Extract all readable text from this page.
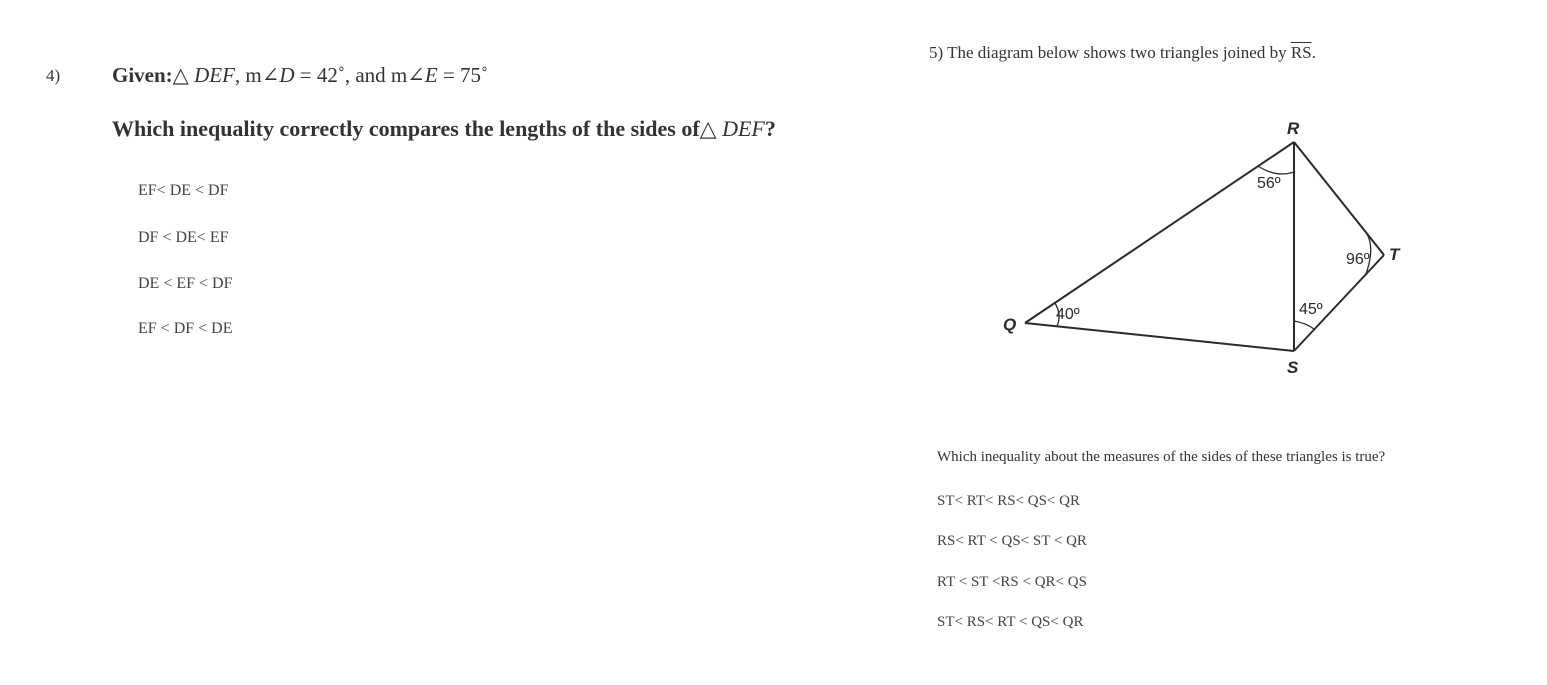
4) Given:△ DEF, m∠D = 42˚, and m∠E = 75˚
Which inequality correctly compares the lengths of the sides of△ DEF?
EF< DE < DF
DF < DE< EF
DE < EF < DF
EF < DF < DE
5) The diagram below shows two triangles joined by $\overline{RS}$.
R
Q
S
T
56º
40º
96º
45º
Which inequality about the measures of the sides of these triangles is true?
ST< RT< RS< QS< QR
RS< RT < QS< ST < QR
RT < ST <RS < QR< QS
ST< RS< RT < QS< QR
